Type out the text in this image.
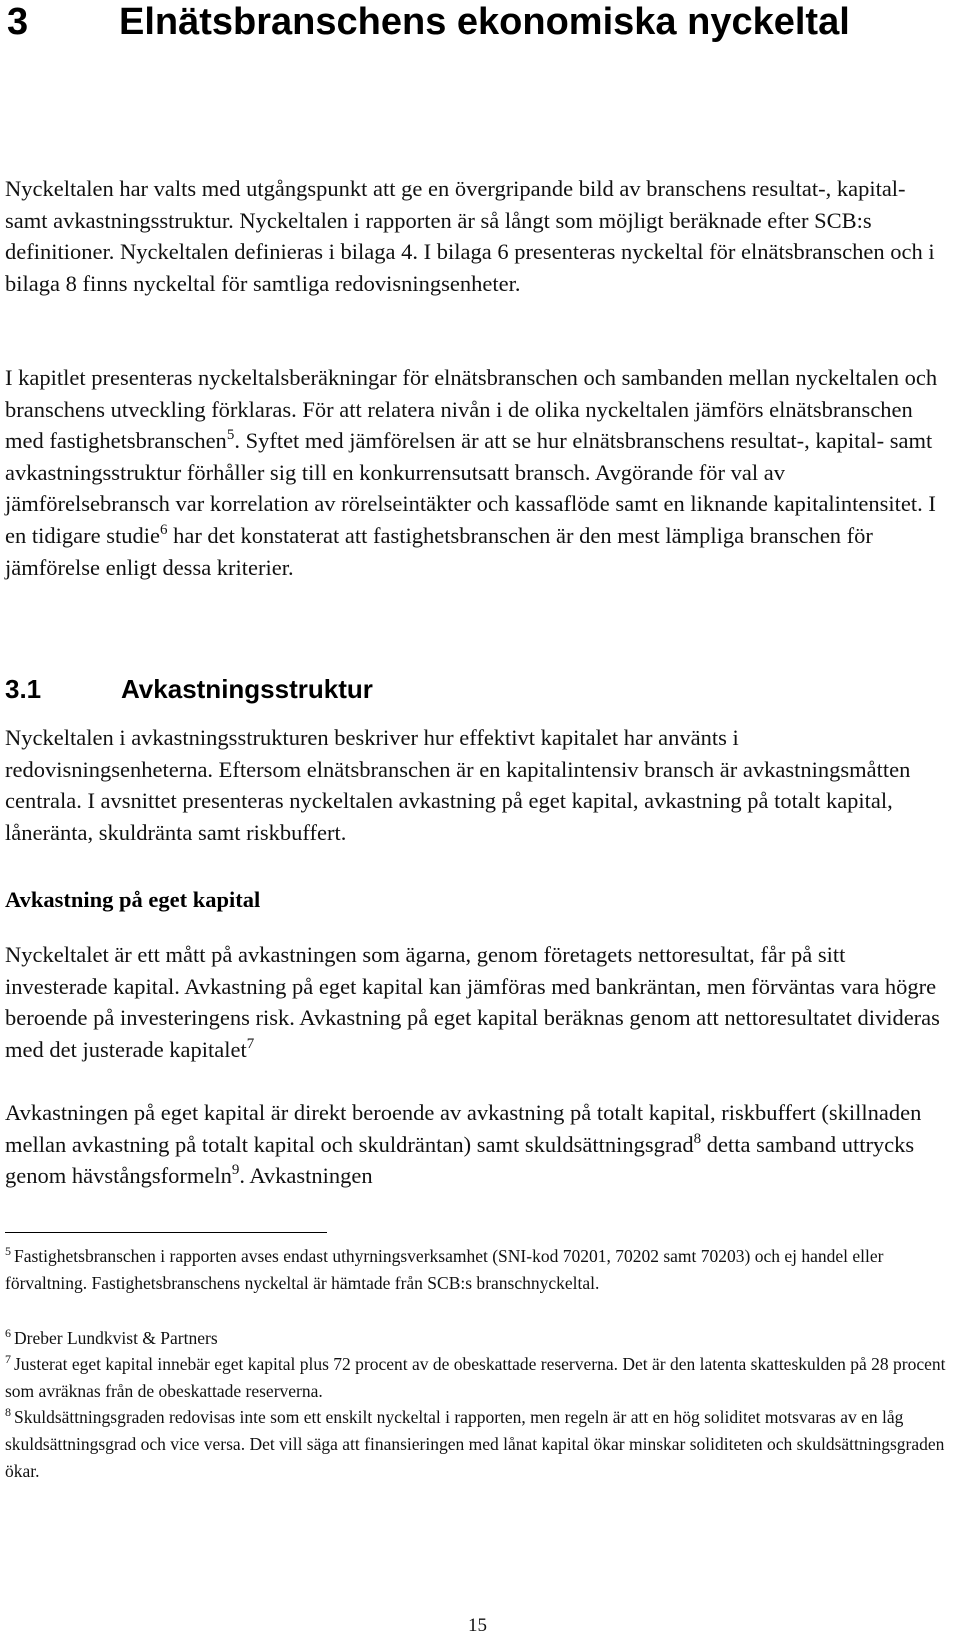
3 Elnätsbranschens ekonomiska nyckeltal

Nyckeltalen har valts med utgångspunkt att ge en övergripande bild av branschens resultat-, kapital- samt avkastningsstruktur. Nyckeltalen i rapporten är så långt som möjligt beräknade efter SCB:s definitioner. Nyckeltalen definieras i bilaga 4. I bilaga 6 presenteras nyckeltal för elnätsbranschen och i bilaga 8 finns nyckeltal för samtliga redovisningsenheter.

I kapitlet presenteras nyckeltalsberäkningar för elnätsbranschen och sambanden mellan nyckeltalen och branschens utveckling förklaras. För att relatera nivån i de olika nyckeltalen jämförs elnätsbranschen med fastighetsbranschen$^5$. Syftet med jämförelsen är att se hur elnätsbranschens resultat-, kapital- samt avkastningsstruktur förhåller sig till en konkurrensutsatt bransch. Avgörande för val av jämförelsebransch var korrelation av rörelseintäkter och kassaflöde samt en liknande kapitalintensitet. I en tidigare studie$^6$ har det konstaterat att fastighetsbranschen är den mest lämpliga branschen för jämförelse enligt dessa kriterier.

3.1	Avkastningsstruktur

Nyckeltalen i avkastningsstrukturen beskriver hur effektivt kapitalet har använts i redovisningsenheterna. Eftersom elnätsbranschen är en kapitalintensiv bransch är avkastningsmåtten centrala. I avsnittet presenteras nyckeltalen avkastning på eget kapital, avkastning på totalt kapital, låneränta, skuldränta samt riskbuffert.

Avkastning på eget kapital

Nyckeltalet är ett mått på avkastningen som ägarna, genom företagets nettoresultat, får på sitt investerade kapital. Avkastning på eget kapital kan jämföras med bankräntan, men förväntas vara högre beroende på investeringens risk. Avkastning på eget kapital beräknas genom att nettoresultatet divideras med det justerade kapitalet$^7$

Avkastningen på eget kapital är direkt beroende av avkastning på totalt kapital, riskbuffert (skillnaden mellan avkastning på totalt kapital och skuldräntan) samt skuldsättningsgrad$^8$ detta samband uttrycks genom hävstångsformeln$^9$. Avkastningen

$^5$ Fastighetsbranschen i rapporten avses endast uthyrningsverksamhet (SNI-kod 70201, 70202 samt 70203) och ej handel eller förvaltning. Fastighetsbranschens nyckeltal är hämtade från SCB:s branschnyckeltal.

$^6$ Dreber Lundkvist & Partners

$^7$ Justerat eget kapital innebär eget kapital plus 72 procent av de obeskattade reserverna. Det är den latenta skatteskulden på 28 procent som avräknas från de obeskattade reserverna.

$^8$ Skuldsättningsgraden redovisas inte som ett enskilt nyckeltal i rapporten, men regeln är att en hög soliditet motsvaras av en låg skuldsättningsgrad och vice versa. Det vill säga att finansieringen med lånat kapital ökar minskar soliditeten och skuldsättningsgraden ökar.

15
